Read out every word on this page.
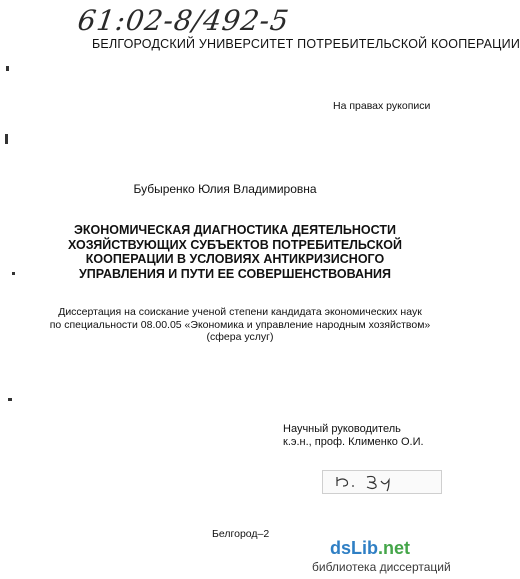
61:02-8/492-5
БЕЛГОРОДСКИЙ УНИВЕРСИТЕТ ПОТРЕБИТЕЛЬСКОЙ КООПЕРАЦИИ
На правах рукописи
Бубыренко Юлия Владимировна
ЭКОНОМИЧЕСКАЯ ДИАГНОСТИКА ДЕЯТЕЛЬНОСТИ
ХОЗЯЙСТВУЮЩИХ СУБЪЕКТОВ ПОТРЕБИТЕЛЬСКОЙ
КООПЕРАЦИИ В УСЛОВИЯХ АНТИКРИЗИСНОГО
УПРАВЛЕНИЯ И ПУТИ ЕЕ СОВЕРШЕНСТВОВАНИЯ
Диссертация на соискание ученой степени кандидата экономических наук
по специальности 08.00.05 «Экономика и управление народным хозяйством»
(сфера услуг)
Научный руководитель
к.э.н., проф. Клименко О.И.
Белгород–2
dsLib.net
библиотека диссертаций
